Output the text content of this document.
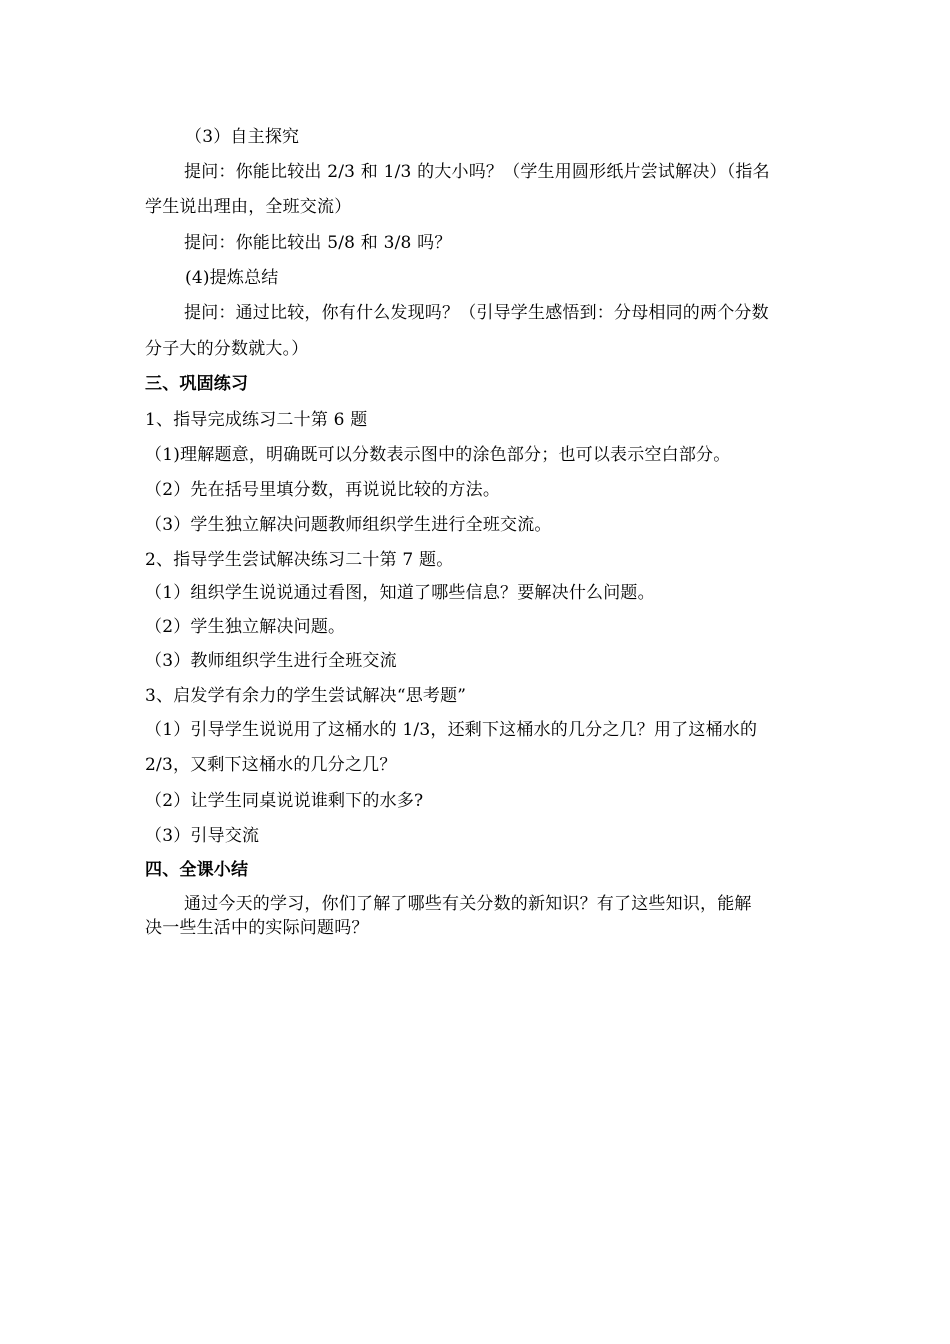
（3）自主探究
提问：你能比较出 2/3 和 1/3 的大小吗？（学生用圆形纸片尝试解决）（指名
学生说出理由，全班交流）
提问：你能比较出 5/8 和 3/8 吗？
(4)提炼总结
提问：通过比较，你有什么发现吗？（引导学生感悟到：分母相同的两个分数
分子大的分数就大。）
三、巩固练习
1、指导完成练习二十第 6 题
（1)理解题意，明确既可以分数表示图中的涂色部分；也可以表示空白部分。
（2）先在括号里填分数，再说说比较的方法。
（3）学生独立解决问题教师组织学生进行全班交流。
2、指导学生尝试解决练习二十第 7 题。
（1）组织学生说说通过看图，知道了哪些信息？要解决什么问题。
（2）学生独立解决问题。
（3）教师组织学生进行全班交流
3、启发学有余力的学生尝试解决“思考题”
（1）引导学生说说用了这桶水的 1/3，还剩下这桶水的几分之几？用了这桶水的
2/3，又剩下这桶水的几分之几？
（2）让学生同桌说说谁剩下的水多?
（3）引导交流
四、全课小结
通过今天的学习，你们了解了哪些有关分数的新知识？有了这些知识，能解
决一些生活中的实际问题吗？
